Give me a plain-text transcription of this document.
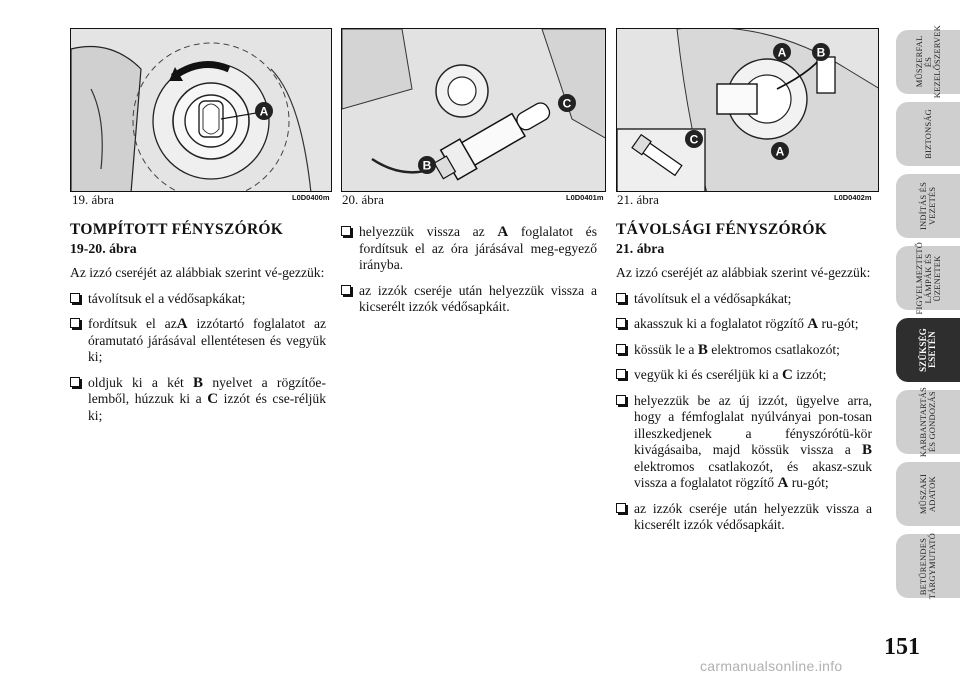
A
19. ábra	L0D0400m
B
C
20. ábra	L0D0401m
A	B
C
A
21. ábra	L0D0402m
TOMPÍTOTT FÉNYSZÓRÓK
19-20. ábra

Az izzó cseréjét az alábbiak szerint vé-gezzük:

távolítsuk el a védősapkákat;
fordítsuk el azA izzótartó foglalatot az óramutató járásával ellentétesen és vegyük ki;
oldjuk ki a két B nyelvet a rögzítőe-lemből, húzzuk ki a C izzót és cse-réljük ki;
helyezzük vissza az A foglalatot és fordítsuk el az óra járásával meg-egyező irányba.
az izzók cseréje után helyezzük vissza a kicserélt izzók védősapkáit.
TÁVOLSÁGI FÉNYSZÓRÓK
21. ábra

Az izzó cseréjét az alábbiak szerint vé-gezzük:

távolítsuk el a védősapkákat;
akasszuk ki a foglalatot rögzítő A ru-gót;
kössük le a B elektromos csatlakozót;
vegyük ki és cseréljük ki a C izzót;
helyezzük be az új izzót, ügyelve arra, hogy a fémfoglalat nyúlványai pon-tosan illeszkedjenek a fényszórótü-kör kivágásaiba, majd kössük vissza a B elektromos csatlakozót, és akasz-szuk vissza a foglalatot rögzítő A ru-gót;
az izzók cseréje után helyezzük vissza a kicserélt izzók védősapkáit.
MŰSZERFAL
ÉS
KEZELŐSZERVEK
BIZTONSÁG
INDÍTÁS ÉS
VEZETÉS
FIGYELMEZTETŐ
LÁMPÁK ÉS
ÜZENETEK
SZÜKSÉG
ESETÉN
KARBANTARTÁS
ÉS GONDOZÁS
MŰSZAKI
ADATOK
BETŰRENDES
TÁRGYMUTATÓ
151
carmanualsonline.info
